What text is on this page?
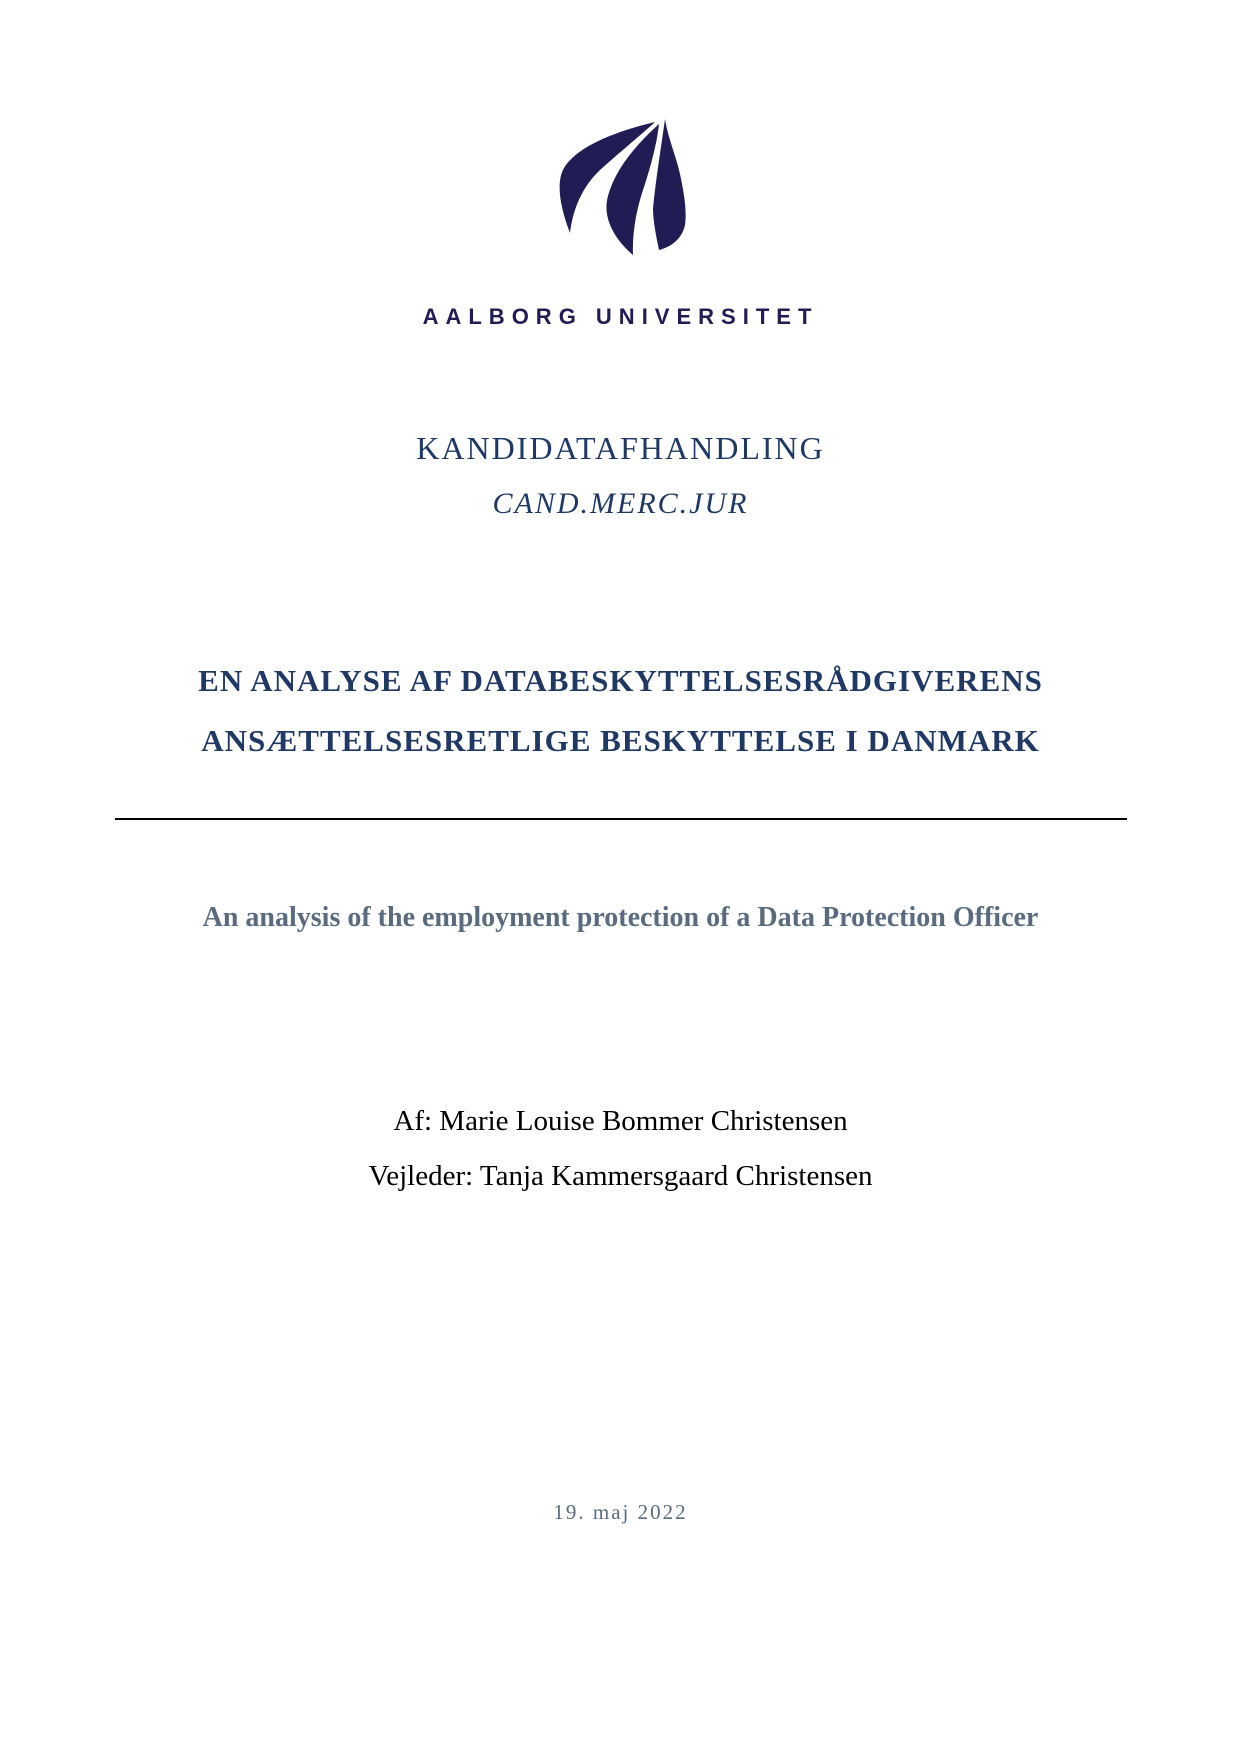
AALBORG UNIVERSITET
KANDIDATAFHANDLING
CAND.MERC.JUR
EN ANALYSE AF DATABESKYTTELSESRÅDGIVERENS
ANSÆTTELSESRETLIGE BESKYTTELSE I DANMARK
An analysis of the employment protection of a Data Protection Officer
Af: Marie Louise Bommer Christensen
Vejleder: Tanja Kammersgaard Christensen
19. maj 2022
